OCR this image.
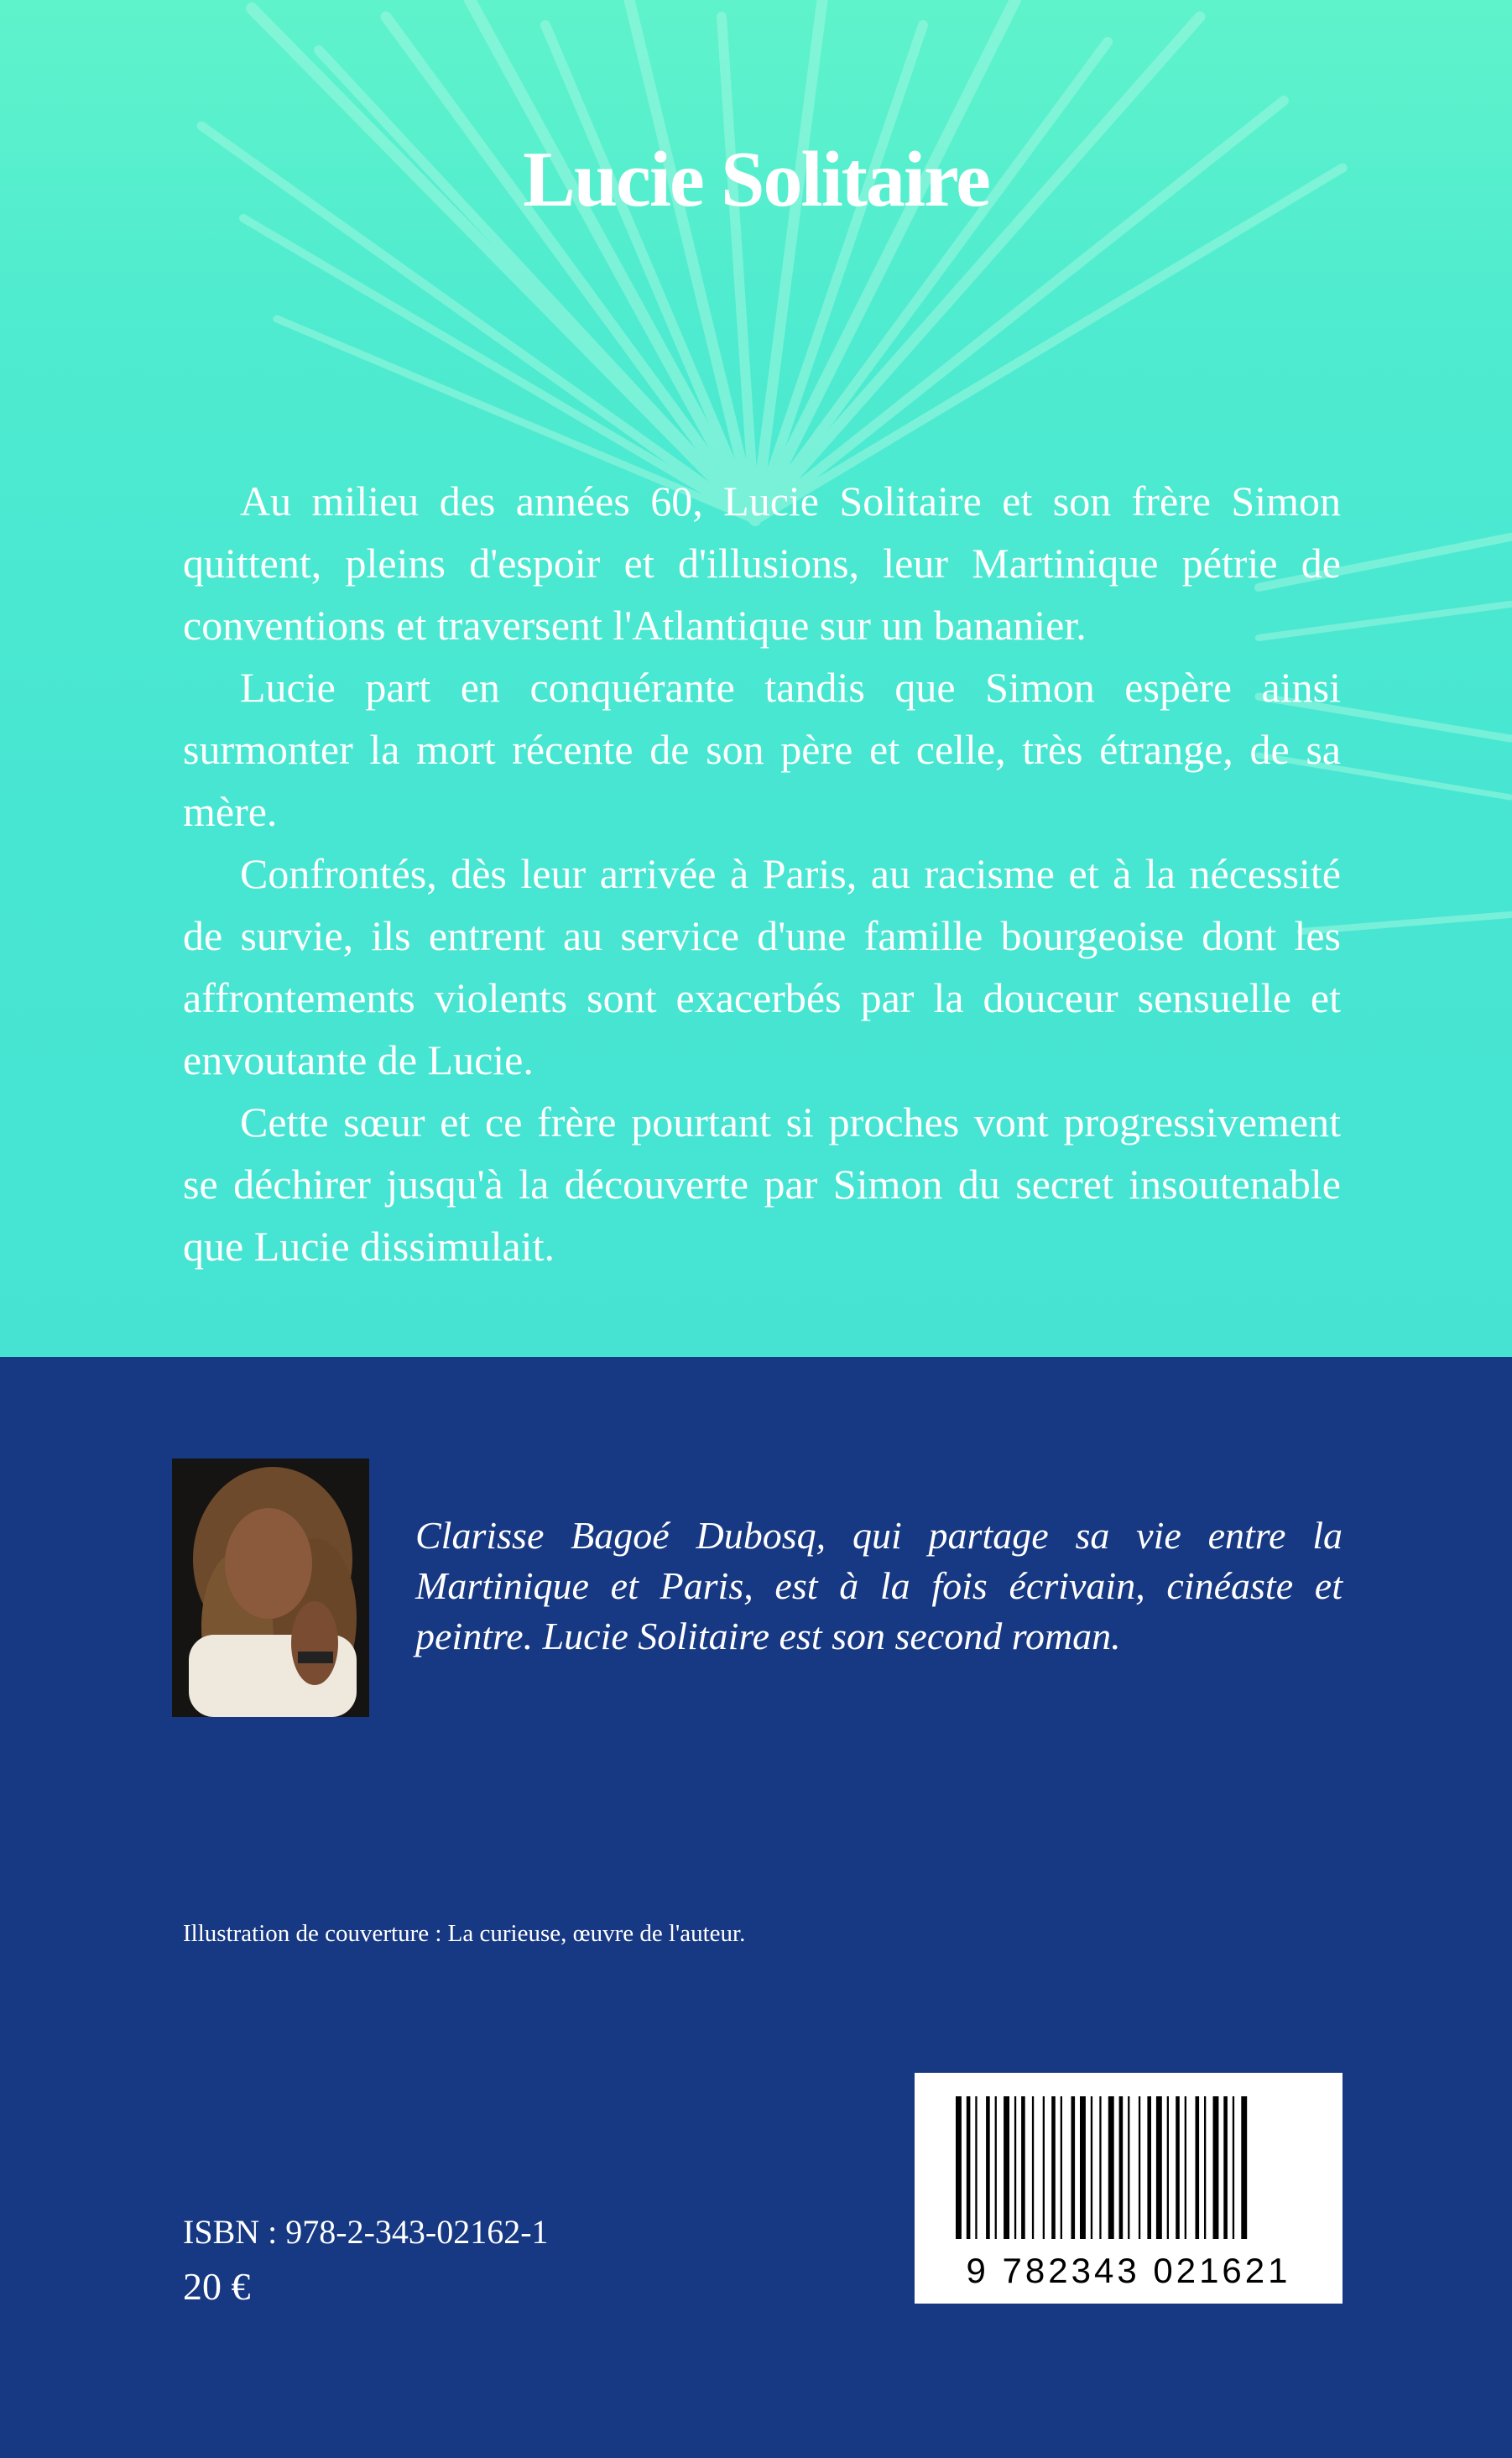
Lucie Solitaire

Au milieu des années 60, Lucie Solitaire et son frère Simon quittent, pleins d'espoir et d'illusions, leur Martinique pétrie de conventions et traversent l'Atlantique sur un bananier.

Lucie part en conquérante tandis que Simon espère ainsi surmonter la mort récente de son père et celle, très étrange, de sa mère.

Confrontés, dès leur arrivée à Paris, au racisme et à la nécessité de survie, ils entrent au service d'une famille bourgeoise dont les affrontements violents sont exacerbés par la douceur sensuelle et envoutante de Lucie.

Cette sœur et ce frère pourtant si proches vont progressivement se déchirer jusqu'à la découverte par Simon du secret insoutenable que Lucie dissimulait.

Clarisse Bagoé Dubosq, qui partage sa vie entre la Martinique et Paris, est à la fois écrivain, cinéaste et peintre. Lucie Solitaire est son second roman.

Illustration de couverture : La curieuse, œuvre de l'auteur.

ISBN : 978-2-343-02162-1

20 €	9 782343 021621
